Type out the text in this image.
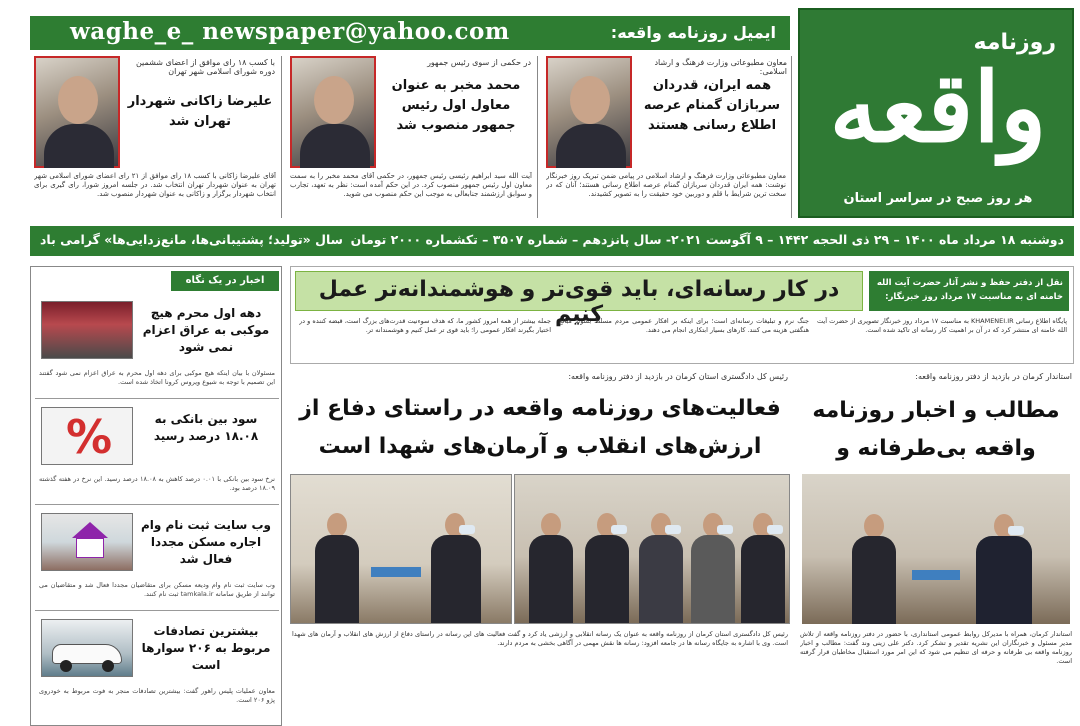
روزنامه
واقعه
هر روز صبح در سراسر استان
ایمیل روزنامه واقعه:
waghe_e_ newspaper@yahoo.com
معاون مطبوعاتی وزارت فرهنگ و ارشاد اسلامی:
همه ایران، قدردان سربازان گمنام عرصه اطلاع رسانی هستند

معاون مطبوعاتی وزارت فرهنگ و ارشاد اسلامی در پیامی ضمن تبریک روز خبرنگار نوشت: همه ایران قدردان سربازان گمنام عرصه اطلاع رسانی هستند؛ آنان که در سخت ترین شرایط با قلم و دوربین خود حقیقت را به تصویر کشیدند.

در حکمی از سوی رئیس جمهور
محمد مخبر به عنوان معاول اول رئیس جمهور منصوب شد

آیت الله سید ابراهیم رئیسی رئیس جمهور، در حکمی آقای محمد مخبر را به سمت معاون اول رئیس جمهور منصوب کرد. در این حکم آمده است: نظر به تعهد، تجارب و سوابق ارزشمند جنابعالی به موجب این حکم منصوب می شوید.

با کسب ۱۸ رای موافق از اعضای ششمین دوره شورای اسلامی شهر تهران
علیرضا زاکانی شهردار تهران شد

آقای علیرضا زاکانی با کسب ۱۸ رای موافق از ۲۱ رای اعضای شورای اسلامی شهر تهران به عنوان شهردار تهران انتخاب شد. در جلسه امروز شورا، رای گیری برای انتخاب شهردار برگزار و زاکانی به عنوان شهردار منصوب شد.

دوشنبه ۱۸ مرداد ماه ۱۴۰۰ – ۲۹ ذی الحجه ۱۴۴۲ – ۹ آگوست ۲۰۲۱- سال پانزدهم – شماره ۳۵۰۷ – تکشماره ۲۰۰۰ تومان
سال «تولید؛ پشتیبانی‌ها، مانع‌زدایی‌ها» گرامی باد
اخبار در یک نگاه
دهه اول محرم هیچ موکبی به عراق اعزام نمی شود

مسئولان با بیان اینکه هیچ موکبی برای دهه اول محرم به عراق اعزام نمی شود گفتند این تصمیم با توجه به شیوع ویروس کرونا اتخاذ شده است.

%	سود بین بانکی به ۱۸.۰۸ درصد رسید

نرخ سود بین بانکی با ۰.۰۱ درصد کاهش به ۱۸.۰۸ درصد رسید. این نرخ در هفته گذشته ۱۸.۰۹ درصد بود.

وب سایت ثبت نام وام اجاره مسکن مجددا فعال شد

وب سایت ثبت نام وام ودیعه مسکن برای متقاضیان مجددا فعال شد و متقاضیان می توانند از طریق سامانه tamkala.ir ثبت نام کنند.

بیشترین تصادفات مربوط به ۲۰۶ سوارها است

معاون عملیات پلیس راهور گفت: بیشترین تصادفات منجر به فوت مربوط به خودروی پژو ۲۰۶ است.

در کار رسانه‌ای، باید قوی‌تر و هوشمندانه‌تر عمل کنیم
نقل از دفتر حفظ و نشر آثار حضرت آیت الله خامنه ای به مناسبت ۱۷ مرداد روز خبرنگار:

پایگاه اطلاع رسانی KHAMENEI.IR به مناسبت ۱۷ مرداد روز خبرنگار تصویری از حضرت آیت الله خامنه ای منتشر کرد که در آن بر اهمیت کار رسانه ای تاکید شده است.

جنگ نرم و تبلیغات رسانه‌ای است؛ برای اینکه بر افکار عمومی مردم مسلط بشوند مبالغ هنگفتی هزینه می کنند. کارهای بسیار ابتکاری انجام می دهند.

جمله بیشتر از همه امروز کشور ما، که هدف سوءنیت قدرت‌های بزرگ است، قبضه کننده و در اختیار بگیرند افکار عمومی را؛ باید قوی تر عمل کنیم و هوشمندانه تر.

استاندار کرمان در بازدید از دفتر روزنامه واقعه:
مطالب و اخبار روزنامه واقعه بی‌طرفانه و

استاندار کرمان، همراه با مدیرکل روابط عمومی استانداری، با حضور در دفتر روزنامه واقعه از تلاش مدیر مسئول و خبرنگاران این نشریه تقدیر و تشکر کرد. دکتر علی زینی وند گفت: مطالب و اخبار روزنامه واقعه بی طرفانه و حرفه ای تنظیم می شود که این امر مورد استقبال مخاطبان قرار گرفته است.

رئیس کل دادگستری استان کرمان در بازدید از دفتر روزنامه واقعه:
فعالیت‌های روزنامه واقعه در راستای دفاع از ارزش‌های انقلاب و آرمان‌های شهدا است

رئیس کل دادگستری استان کرمان از روزنامه واقعه به عنوان یک رسانه انقلابی و ارزشی یاد کرد و گفت فعالیت های این رسانه در راستای دفاع از ارزش های انقلاب و آرمان های شهدا است. وی با اشاره به جایگاه رسانه ها در جامعه افزود: رسانه ها نقش مهمی در آگاهی بخشی به مردم دارند.
